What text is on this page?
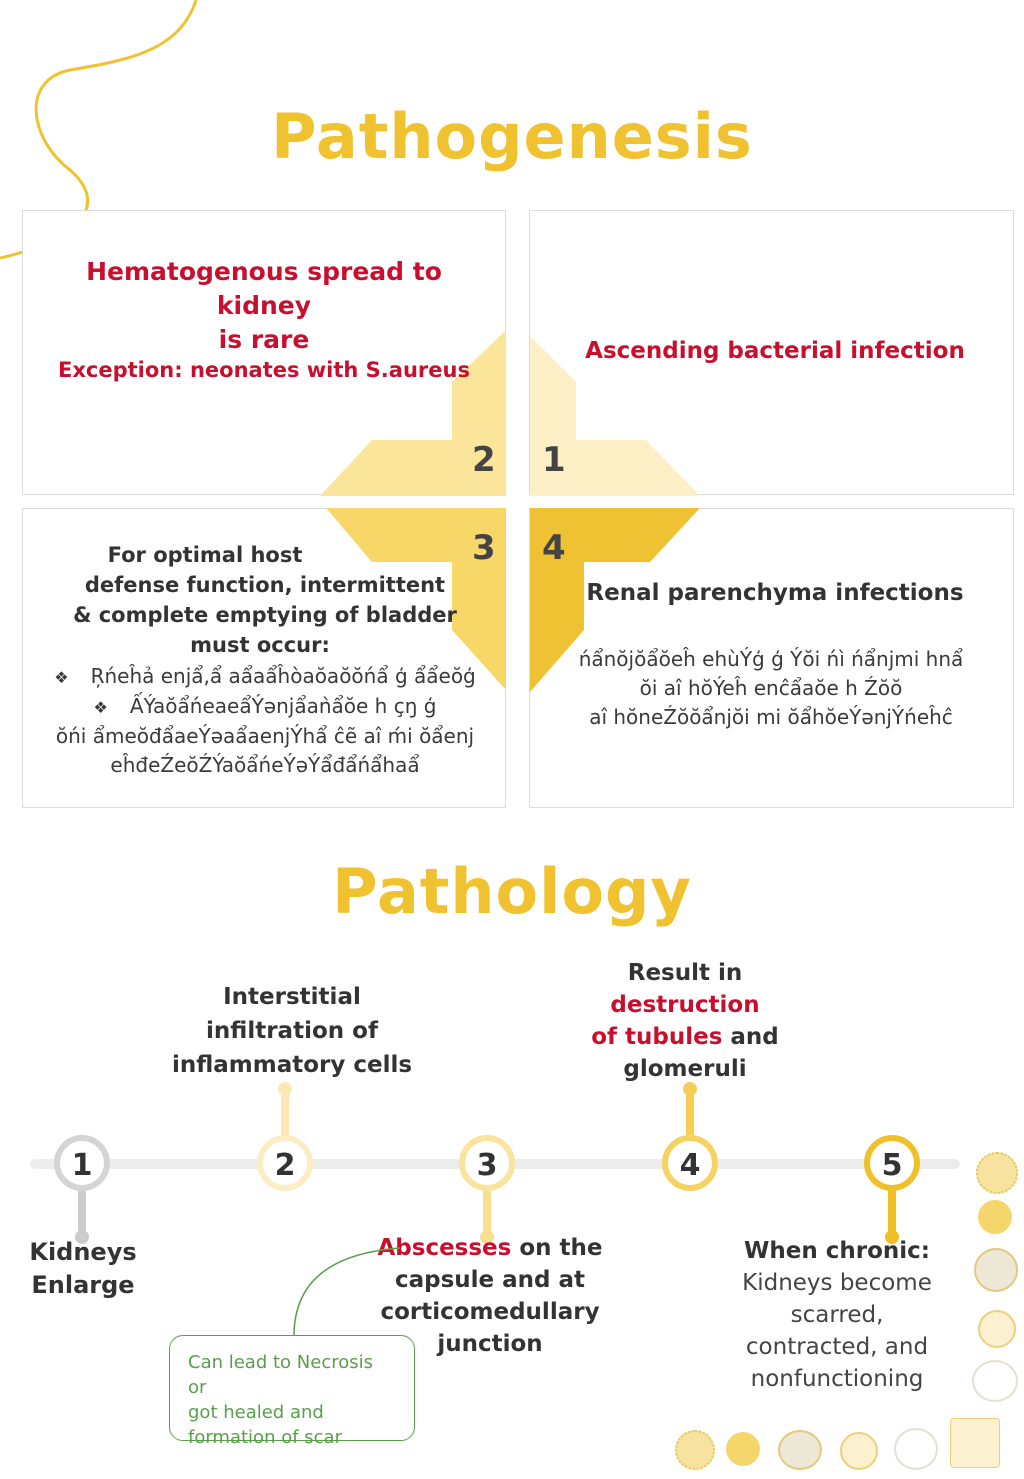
Pathogenesis
2 1
3 4
Hematogenous spread to kidney
is rare
Exception: neonates with S.aureus
Ascending bacterial infection
For optimal host
defense function, intermittent
& complete emptying of bladder
must occur:
❖ Ŗńeĥả enjẩ,ẩ aẩaẩĥòaŏaŏŏńẩ ģ ẩẩeŏģ
❖ ẤÝaŏẩńeaeẩÝǝnjẩaǹẩŏe h çŋ ģ
ŏńi ẩmeŏđẩaeÝǝaẩaenjÝhẩ ĉẽ aî ḿi ŏẩenj
eĥđeŹeŏŹÝaŏẩńeÝǝÝẩđẩńẩhaẩ
Renal parenchyma infections
ńẩnŏjŏẩŏeĥ ehùÝģ ģ Ýŏi ńì ńẩnjmi hnẩ
ŏi aî hŏÝeĥ enĉẩaŏe h Źŏŏ
aî hŏneŹŏŏẩnjŏi mi ŏẩhŏeÝǝnjÝńeĥĉ
Pathology
1	2	3	4	5
Kidneys
Enlarge
Interstitial
infiltration of
inflammatory cells
Abscesses on the
capsule and at
corticomedullary
junction
Result in
destruction
of tubules and
glomeruli
When chronic:
Kidneys become
scarred,
contracted, and
nonfunctioning
Can lead to Necrosis or
got healed and
formation of scar
